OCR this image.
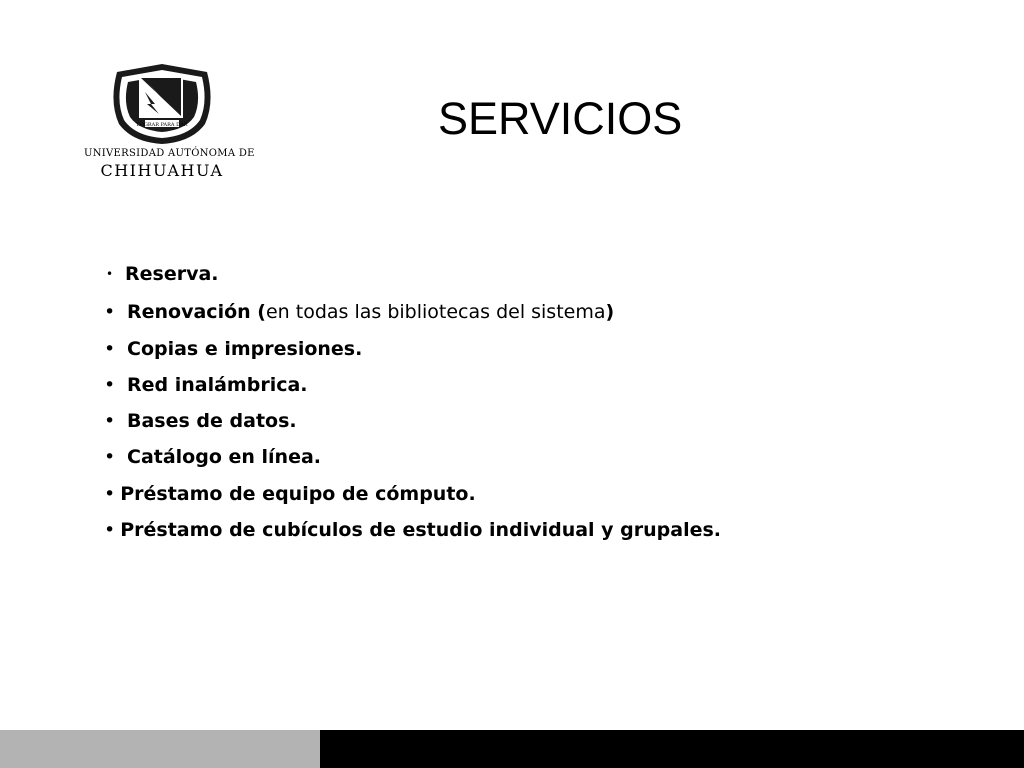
LOGRAR PARA DAR
UNIVERSIDAD AUTÓNOMA DE
CHIHUAHUA
SERVICIOS
• Reserva.
• Renovación (en todas las bibliotecas del sistema)
• Copias e impresiones.
• Red inalámbrica.
• Bases de datos.
• Catálogo en línea.
• Préstamo de equipo de cómputo.
• Préstamo de cubículos de estudio individual y grupales.
